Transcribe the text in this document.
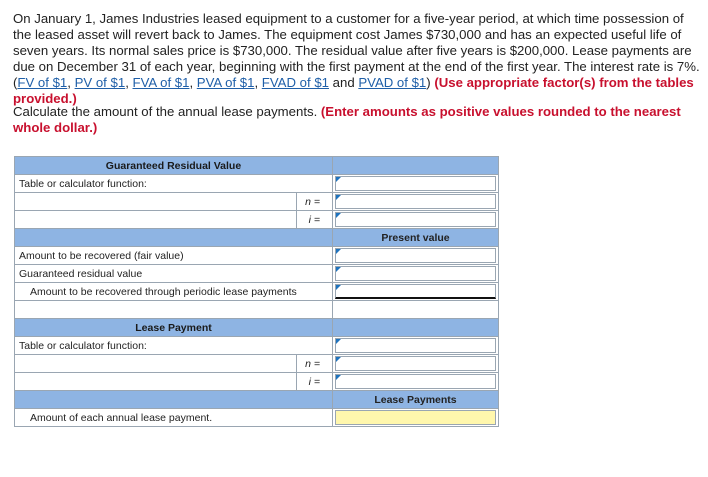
On January 1, James Industries leased equipment to a customer for a five-year period, at which time possession of the leased asset will revert back to James. The equipment cost James $730,000 and has an expected useful life of seven years. Its normal sales price is $730,000. The residual value after five years is $200,000. Lease payments are due on December 31 of each year, beginning with the first payment at the end of the first year. The interest rate is 7%. (FV of $1, PV of $1, FVA of $1, PVA of $1, FVAD of $1 and PVAD of $1) (Use appropriate factor(s) from the tables provided.)
Calculate the amount of the annual lease payments. (Enter amounts as positive values rounded to the nearest whole dollar.)
Guaranteed Residual Value		
Table or calculator function:		

	n =	

	i =	

		Present value
Amount to be recovered (fair value)		

Guaranteed residual value		

Amount to be recovered through periodic lease payments		

Lease Payment		
Table or calculator function:		

	n =	

	i =	

		Lease Payments
Amount of each annual lease payment.		
